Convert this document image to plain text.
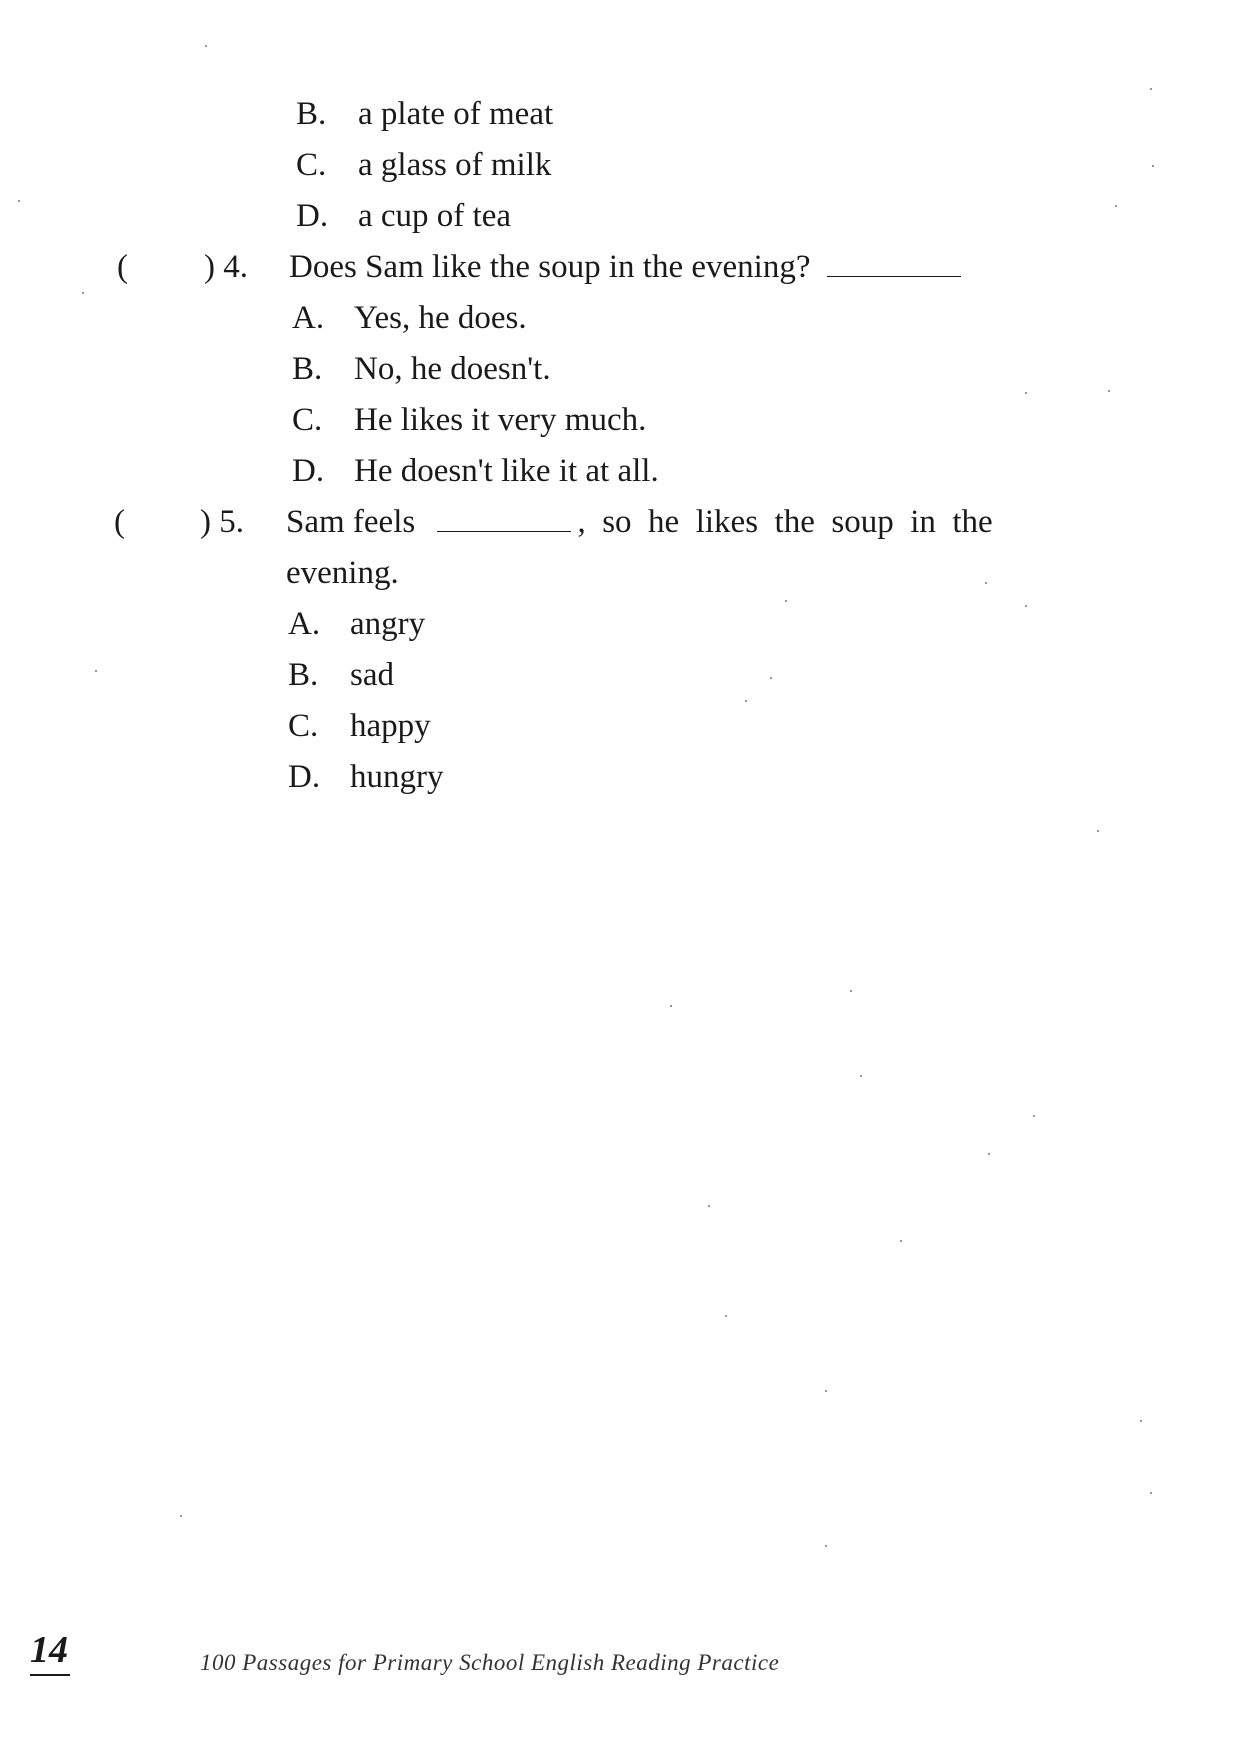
B. a plate of meat
C. a glass of milk
D. a cup of tea
( ) 4. Does Sam like the soup in the evening?
A. Yes, he does.
B. No, he doesn't.
C. He likes it very much.
D. He doesn't like it at all.
( ) 5. Sam feels	,  so  he  likes  the  soup  in  the
evening.
A. angry
B. sad
C. happy
D. hungry
14	100 Passages for Primary School English Reading Practice
